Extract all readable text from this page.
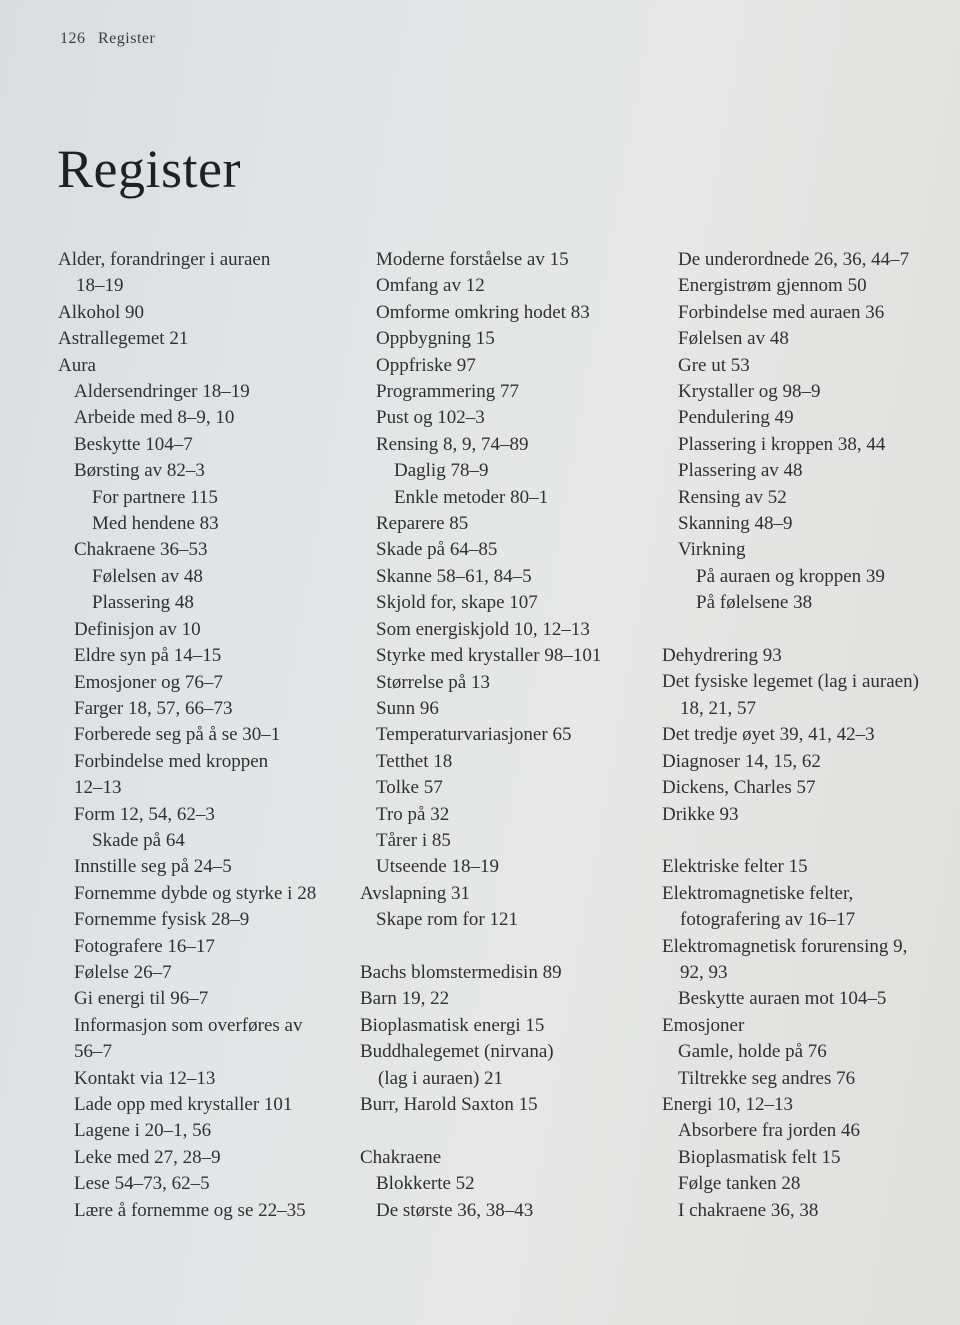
126 Register
Register
Alder, forandringer i auraen
18–19
Alkohol 90
Astrallegemet 21
Aura
Aldersendringer 18–19
Arbeide med 8–9, 10
Beskytte 104–7
Børsting av 82–3
For partnere 115
Med hendene 83
Chakraene 36–53
Følelsen av 48
Plassering 48
Definisjon av 10
Eldre syn på 14–15
Emosjoner og 76–7
Farger 18, 57, 66–73
Forberede seg på å se 30–1
Forbindelse med kroppen
12–13
Form 12, 54, 62–3
Skade på 64
Innstille seg på 24–5
Fornemme dybde og styrke i 28
Fornemme fysisk 28–9
Fotografere 16–17
Følelse 26–7
Gi energi til 96–7
Informasjon som overføres av
56–7
Kontakt via 12–13
Lade opp med krystaller 101
Lagene i 20–1, 56
Leke med 27, 28–9
Lese 54–73, 62–5
Lære å fornemme og se 22–35
Moderne forståelse av 15
Omfang av 12
Omforme omkring hodet 83
Oppbygning 15
Oppfriske 97
Programmering 77
Pust og 102–3
Rensing 8, 9, 74–89
Daglig 78–9
Enkle metoder 80–1
Reparere 85
Skade på 64–85
Skanne 58–61, 84–5
Skjold for, skape 107
Som energiskjold 10, 12–13
Styrke med krystaller 98–101
Størrelse på 13
Sunn 96
Temperaturvariasjoner 65
Tetthet 18
Tolke 57
Tro på 32
Tårer i 85
Utseende 18–19
Avslapning 31
Skape rom for 121
Bachs blomstermedisin 89
Barn 19, 22
Bioplasmatisk energi 15
Buddhalegemet (nirvana)
(lag i auraen) 21
Burr, Harold Saxton 15
Chakraene
Blokkerte 52
De største 36, 38–43
De underordnede 26, 36, 44–7
Energistrøm gjennom 50
Forbindelse med auraen 36
Følelsen av 48
Gre ut 53
Krystaller og 98–9
Pendulering 49
Plassering i kroppen 38, 44
Plassering av 48
Rensing av 52
Skanning 48–9
Virkning
På auraen og kroppen 39
På følelsene 38
Dehydrering 93
Det fysiske legemet (lag i auraen)
18, 21, 57
Det tredje øyet 39, 41, 42–3
Diagnoser 14, 15, 62
Dickens, Charles 57
Drikke 93
Elektriske felter 15
Elektromagnetiske felter,
fotografering av 16–17
Elektromagnetisk forurensing 9,
92, 93
Beskytte auraen mot 104–5
Emosjoner
Gamle, holde på 76
Tiltrekke seg andres 76
Energi 10, 12–13
Absorbere fra jorden 46
Bioplasmatisk felt 15
Følge tanken 28
I chakraene 36, 38
